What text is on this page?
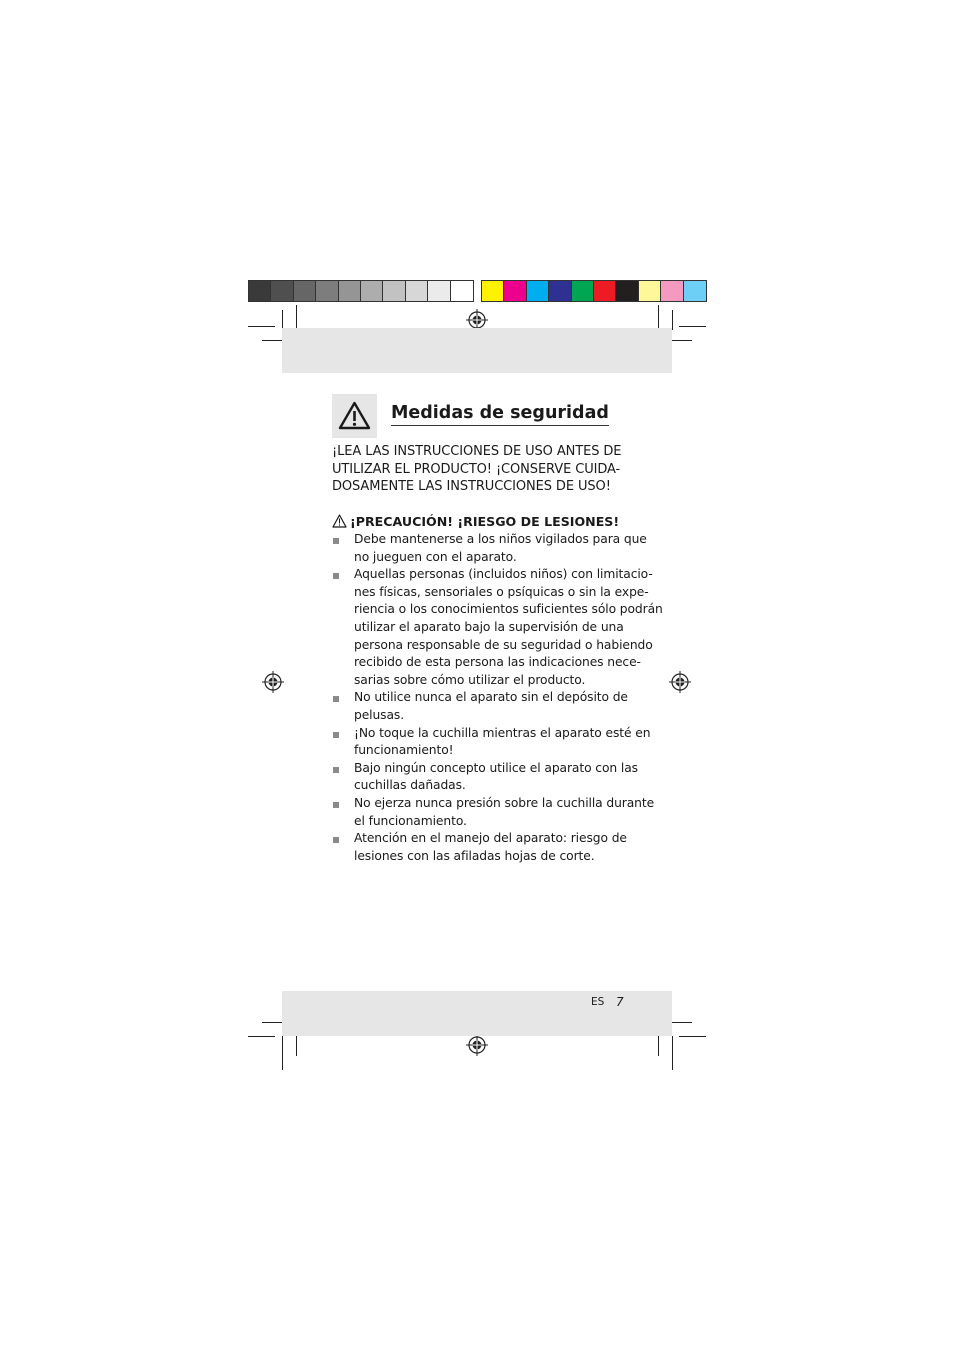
Medidas de seguridad
¡LEA LAS INSTRUCCIONES DE USO ANTES DE
UTILIZAR EL PRODUCTO! ¡CONSERVE CUIDA-
DOSAMENTE LAS INSTRUCCIONES DE USO!
¡PRECAUCIÓN! ¡RIESGO DE LESIONES!
Debe mantenerse a los niños vigilados para que
no jueguen con el aparato.
Aquellas personas (incluidos niños) con limitacio-
nes físicas, sensoriales o psíquicas o sin la expe-
riencia o los conocimientos suficientes sólo podrán
utilizar el aparato bajo la supervisión de una
persona responsable de su seguridad o habiendo
recibido de esta persona las indicaciones nece-
sarias sobre cómo utilizar el producto.
No utilice nunca el aparato sin el depósito de
pelusas.
¡No toque la cuchilla mientras el aparato esté en
funcionamiento!
Bajo ningún concepto utilice el aparato con las
cuchillas dañadas.
No ejerza nunca presión sobre la cuchilla durante
el funcionamiento.
Atención en el manejo del aparato: riesgo de
lesiones con las afiladas hojas de corte.
ES 7
